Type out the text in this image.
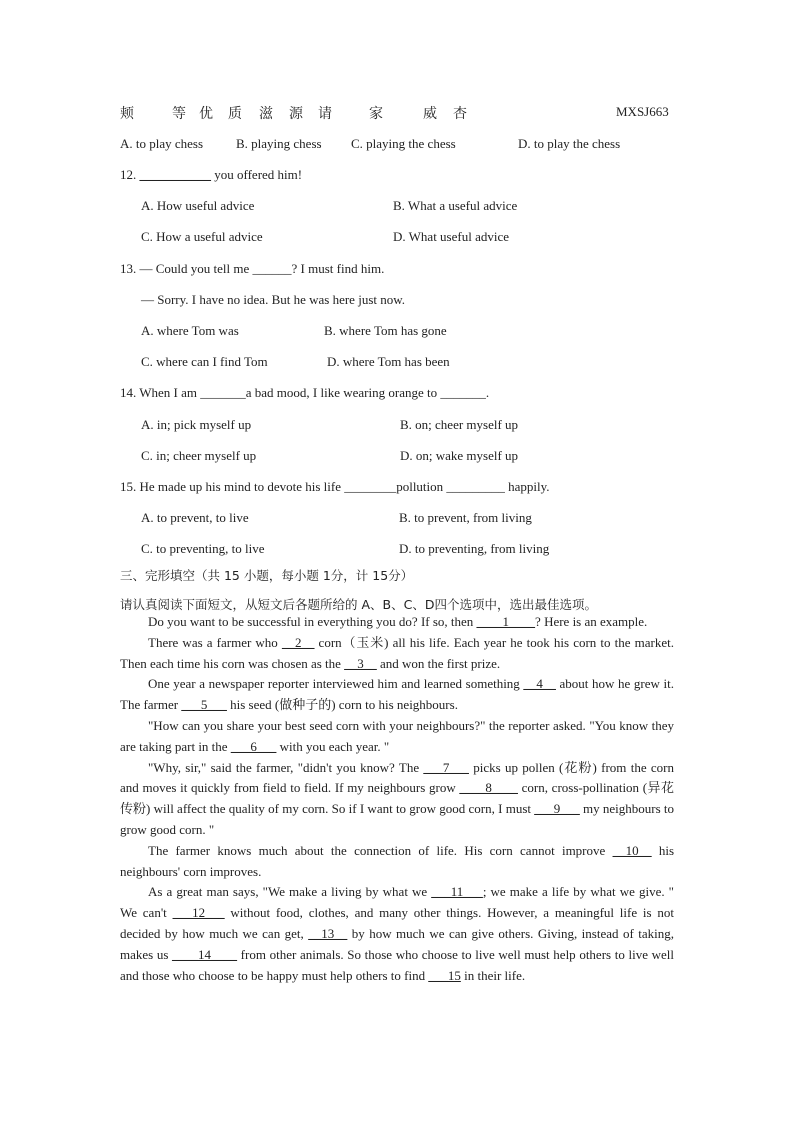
颊	等 优 质 滋 源 请	家	威 杏	MXSJ663
A. to play chess	B. playing chess C. playing the chess	D. to play the chess
12. ___________ you offered him!
A. How useful advice	B. What a useful advice
C. How a useful advice	D. What useful advice
13. — Could you tell me ______? I must find him.
— Sorry. I have no idea. But he was here just now.
A. where Tom was	B. where Tom has gone
C. where can I find Tom	D. where Tom has been
14. When I am _______a bad mood, I like wearing orange to _______.
A. in; pick myself up	B. on; cheer myself up
C. in; cheer myself up	D. on; wake myself up
15. He made up his mind to devote his life ________pollution _________ happily.
A. to prevent, to live	B. to prevent, from living
C. to preventing, to live	D. to preventing, from living
三、完形填空（共 15 小题，每小题 1分，计 15分）
请认真阅读下面短文，从短文后各题所给的 A、B、C、D四个选项中，选出最佳选项。

Do you want to be successful in everything you do? If so, then ____1____? Here is an example.

There was a farmer who __2__ corn（玉米) all his life. Each year he took his corn to the market. Then each time his corn was chosen as the __3__ and won the first prize.

One year a newspaper reporter interviewed him and learned something __4__ about how he grew it. The farmer ___5___ his seed (做种子的) corn to his neighbours.

"How can you share your best seed corn with your neighbours?" the reporter asked. "You know they are taking part in the ___6___ with you each year. "

"Why, sir," said the farmer, "didn't you know? The ___7___ picks up pollen (花粉) from the corn and moves it quickly from field to field. If my neighbours grow ____8____ corn, cross-pollination (异花传粉) will affect the quality of my corn. So if I want to grow good corn, I must ___9___ my neighbours to grow good corn. "

The farmer knows much about the connection of life. His corn cannot improve __10__ his neighbours' corn improves.

As a great man says, "We make a living by what we ___11___; we make a life by what we give. " We can't ___12___ without food, clothes, and many other things. However, a meaningful life is not decided by how much we can get, __13__ by how much we can give others. Giving, instead of taking, makes us ____14____ from other animals. So those who choose to live well must help others to live well and those who choose to be happy must help others to find ___15 in their life.
